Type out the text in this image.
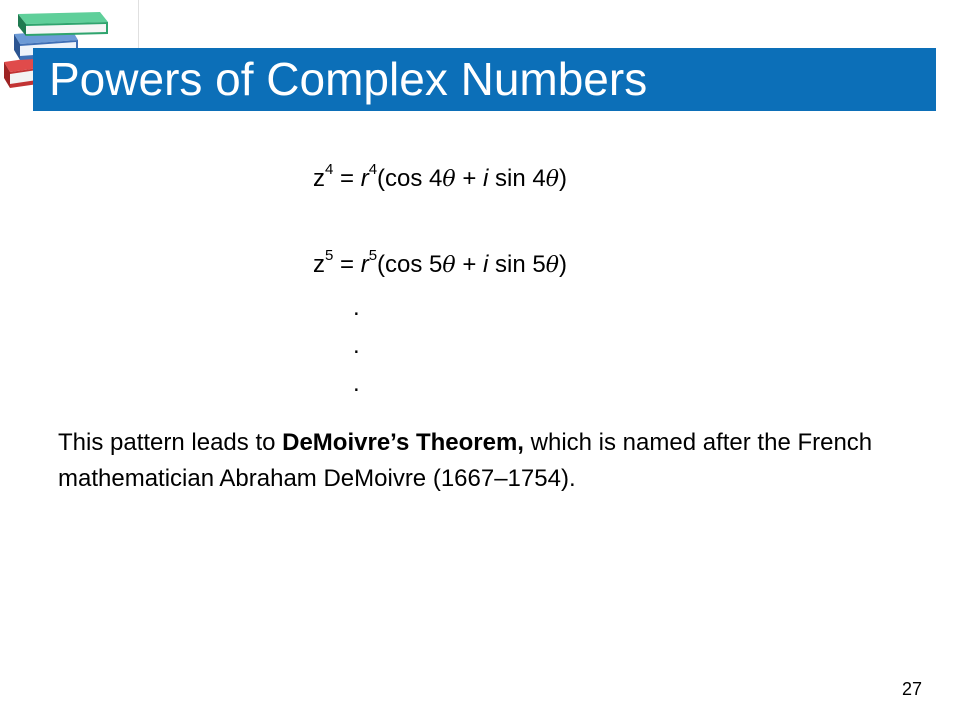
Powers of Complex Numbers
$z^4 = r^4(\cos$ 4θ + i sin 4θ)
$z^5 = r^5(\cos$ 5θ + i sin 5θ)
.
.
.
This pattern leads to DeMoivre’s Theorem, which is named after the French mathematician Abraham DeMoivre (1667–1754).
27
